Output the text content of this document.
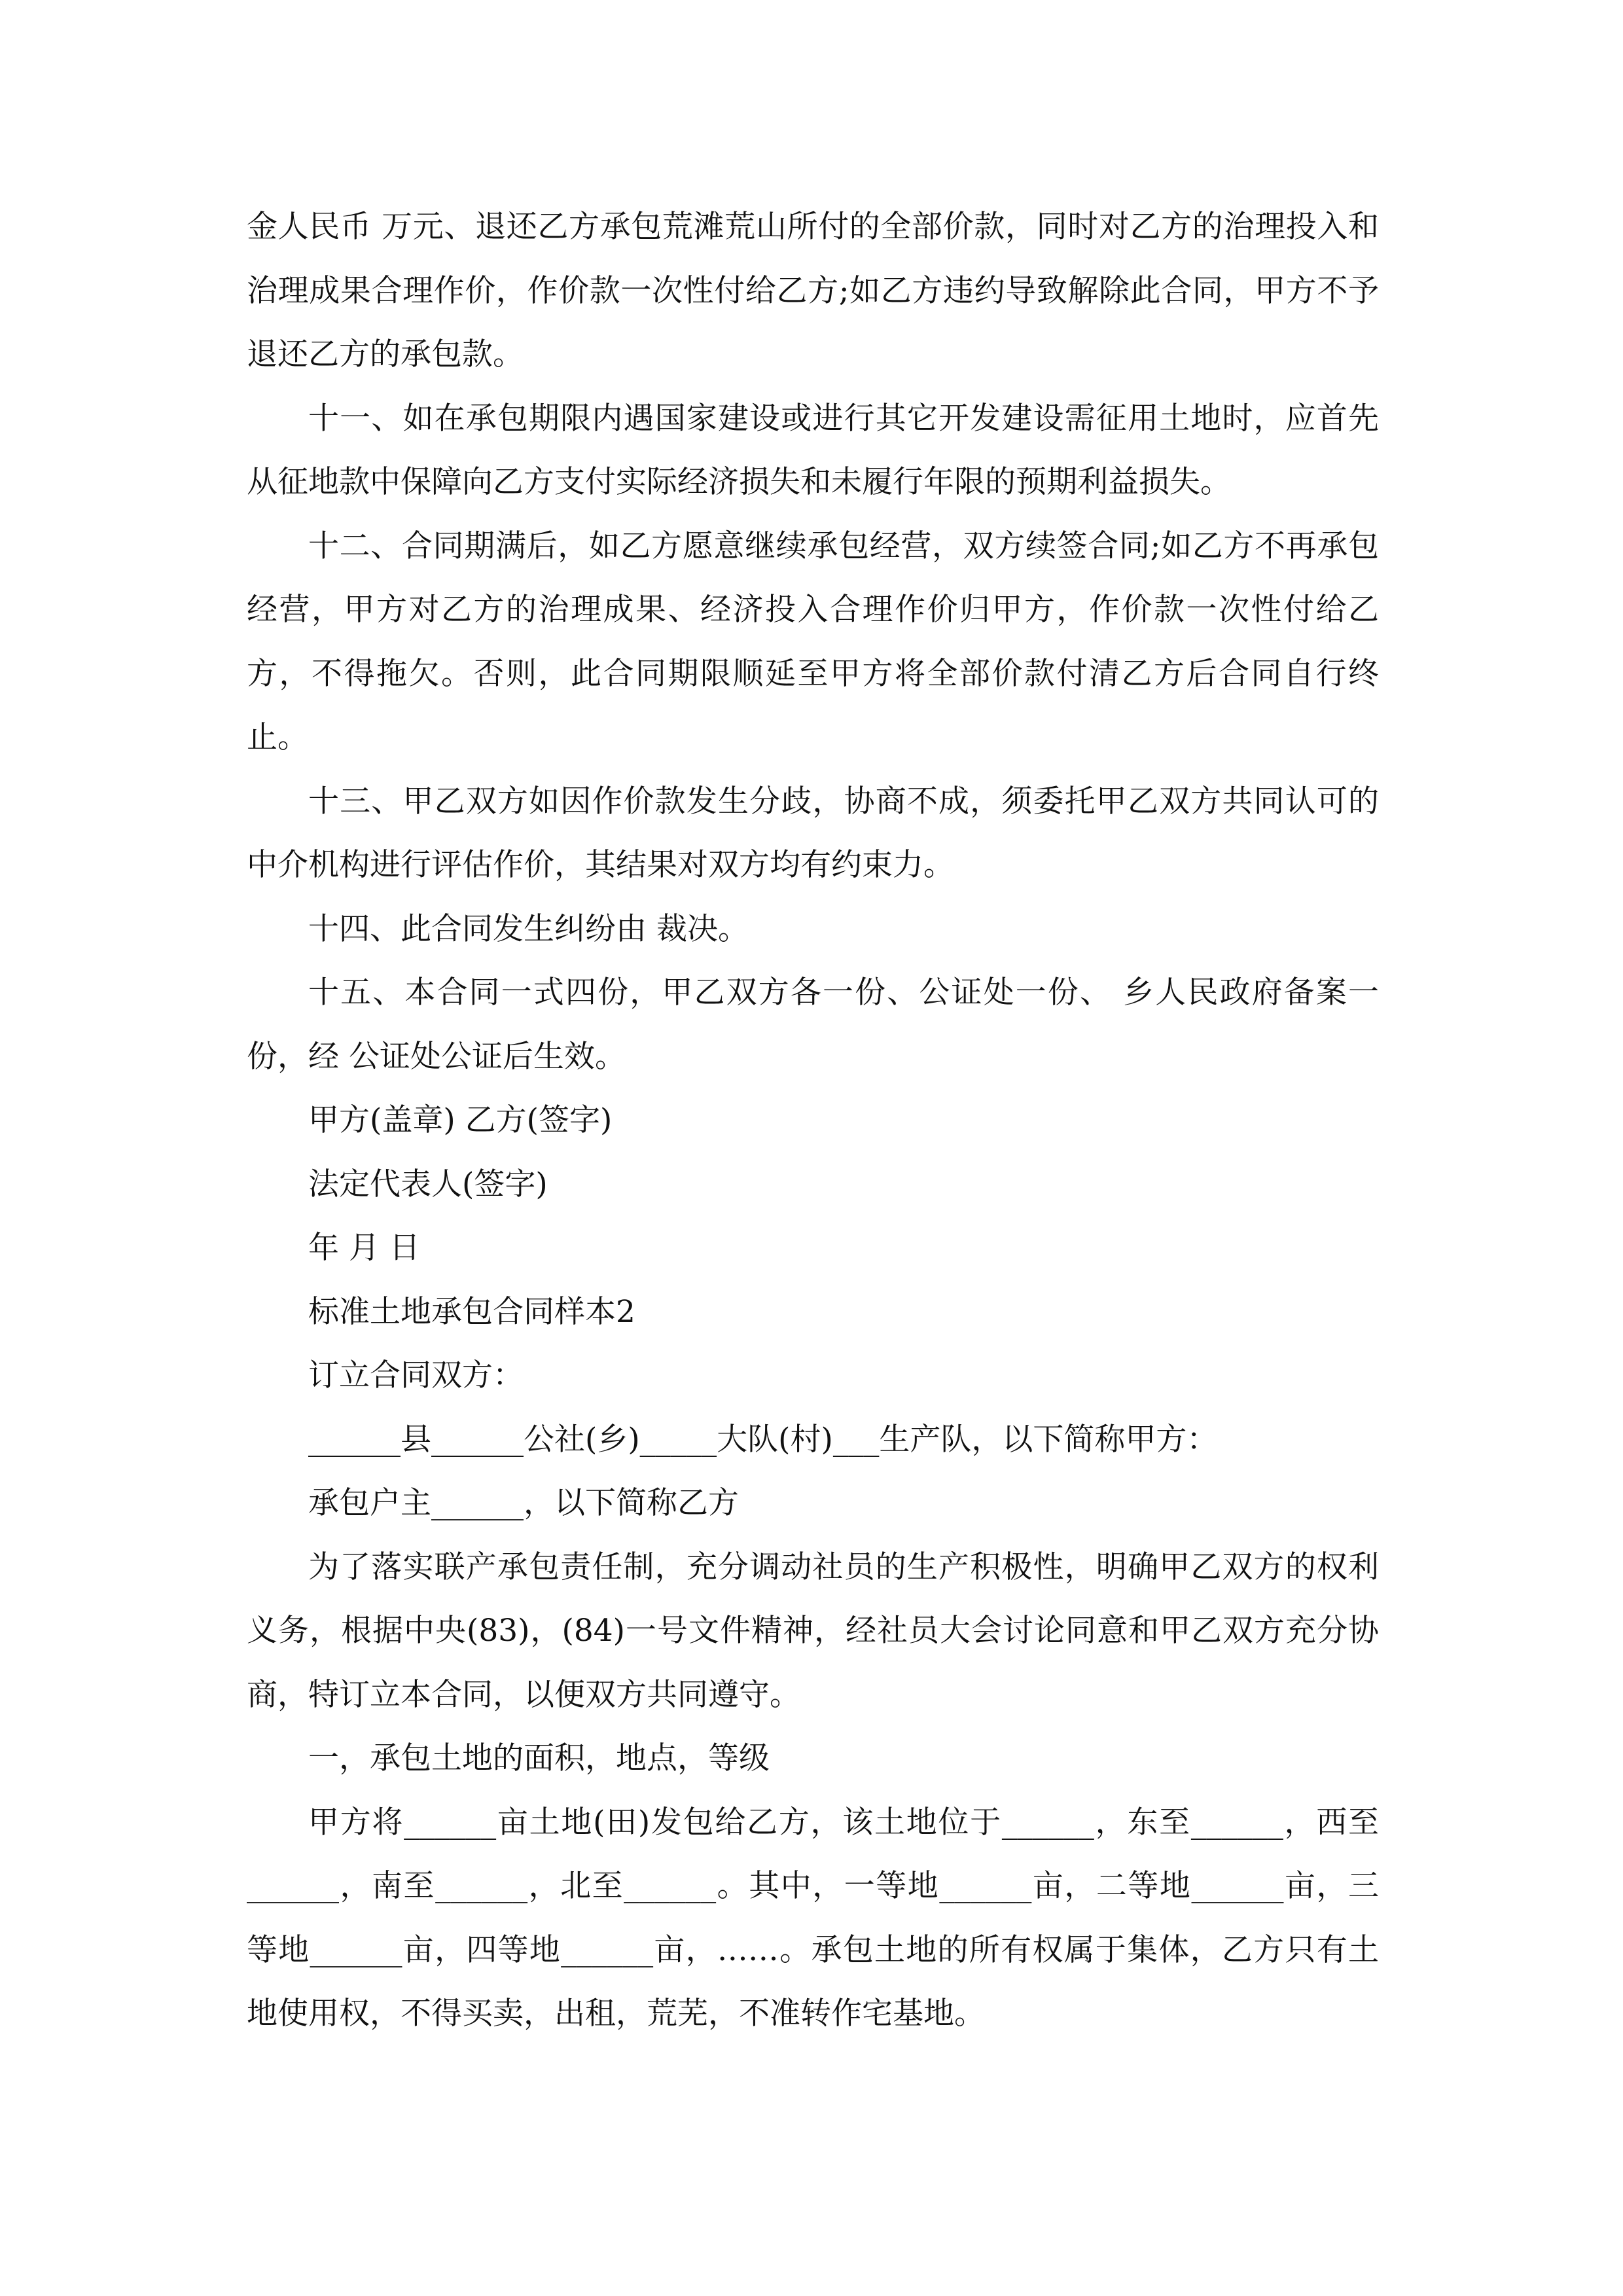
金人民币 万元、退还乙方承包荒滩荒山所付的全部价款，同时对乙方的治理投入和治理成果合理作价，作价款一次性付给乙方;如乙方违约导致解除此合同，甲方不予退还乙方的承包款。

十一、如在承包期限内遇国家建设或进行其它开发建设需征用土地时，应首先从征地款中保障向乙方支付实际经济损失和未履行年限的预期利益损失。

十二、合同期满后，如乙方愿意继续承包经营，双方续签合同;如乙方不再承包经营，甲方对乙方的治理成果、经济投入合理作价归甲方，作价款一次性付给乙方，不得拖欠。否则，此合同期限顺延至甲方将全部价款付清乙方后合同自行终止。

十三、甲乙双方如因作价款发生分歧，协商不成，须委托甲乙双方共同认可的中介机构进行评估作价，其结果对双方均有约束力。

十四、此合同发生纠纷由 裁决。

十五、本合同一式四份，甲乙双方各一份、公证处一份、 乡人民政府备案一份，经 公证处公证后生效。

甲方(盖章) 乙方(签字)

法定代表人(签字)

年 月 日

标准土地承包合同样本2

订立合同双方：

______县______公社(乡)_____大队(村)___生产队，以下简称甲方：

承包户主______，以下简称乙方

为了落实联产承包责任制，充分调动社员的生产积极性，明确甲乙双方的权利义务，根据中央(83)，(84)一号文件精神，经社员大会讨论同意和甲乙双方充分协商，特订立本合同，以便双方共同遵守。

一，承包土地的面积，地点，等级

甲方将______亩土地(田)发包给乙方，该土地位于______，东至______，西至______，南至______，北至______。其中，一等地______亩，二等地______亩，三等地______亩，四等地______亩，……。承包土地的所有权属于集体，乙方只有土地使用权，不得买卖，出租，荒芜，不准转作宅基地。
